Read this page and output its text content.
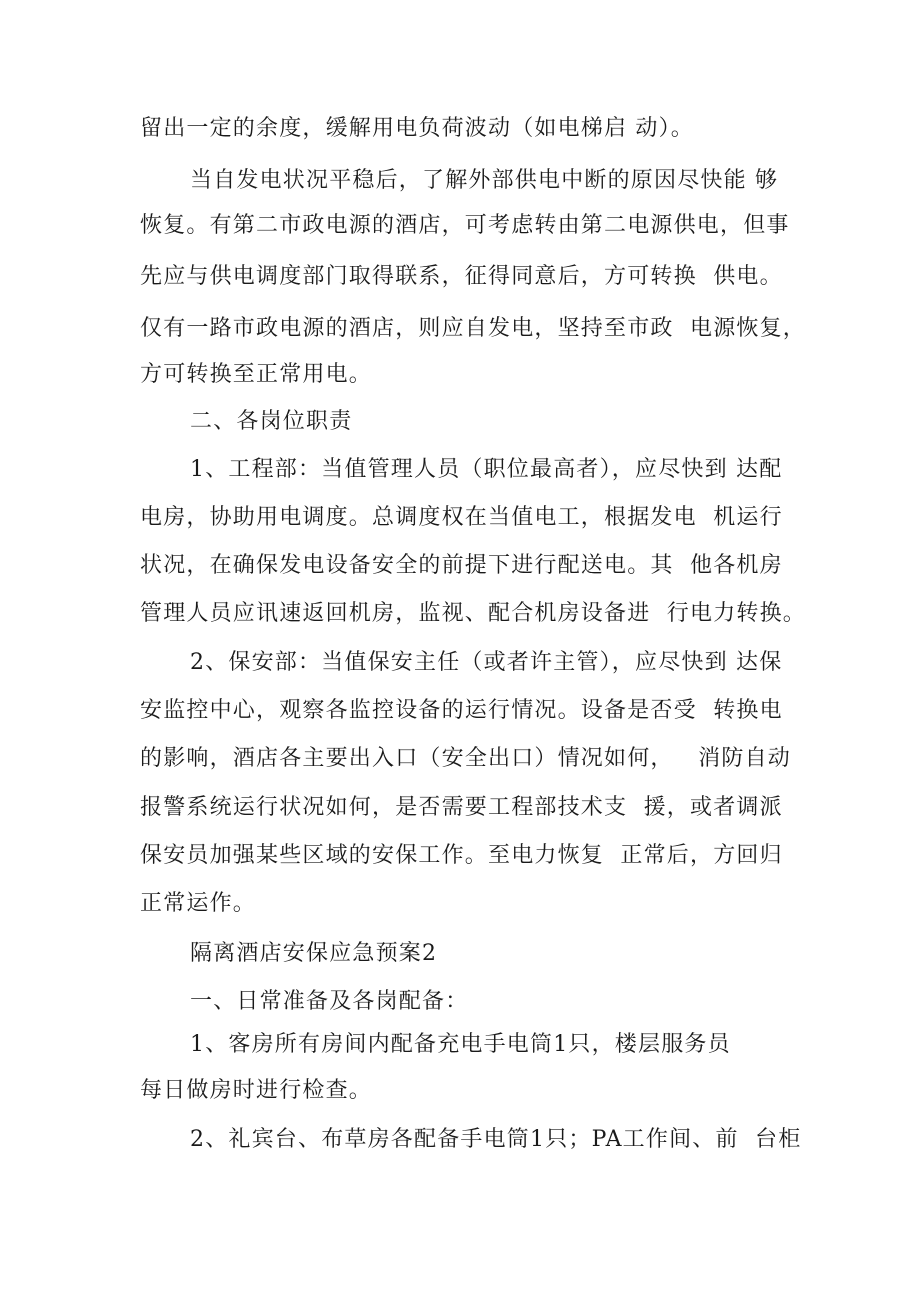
留出一定的余度，缓解用电负荷波动（如电梯启 动）。

当自发电状况平稳后，了解外部供电中断的原因尽快能 够

恢复。有第二市政电源的酒店，可考虑转由第二电源供电，但事

先应与供电调度部门取得联系，征得同意后，方可转换  供电。

仅有一路市政电源的酒店，则应自发电，坚持至市政  电源恢复，

方可转换至正常用电。

二、各岗位职责

1、工程部：当值管理人员（职位最高者），应尽快到 达配

电房，协助用电调度。总调度权在当值电工，根据发电  机运行

状况，在确保发电设备安全的前提下进行配送电。其  他各机房

管理人员应讯速返回机房，监视、配合机房设备进  行电力转换。

2、保安部：当值保安主任（或者许主管），应尽快到 达保

安监控中心，观察各监控设备的运行情况。设备是否受  转换电

的影响，酒店各主要出入口（安全出口）情况如何，   消防自动

报警系统运行状况如何，是否需要工程部技术支  援，或者调派

保安员加强某些区域的安保工作。至电力恢复  正常后，方回归

正常运作。

隔离酒店安保应急预案2

一、日常准备及各岗配备：

1、客房所有房间内配备充电手电筒1只，楼层服务员

每日做房时进行检查。

2、礼宾台、布草房各配备手电筒1只；PA工作间、前  台柜
